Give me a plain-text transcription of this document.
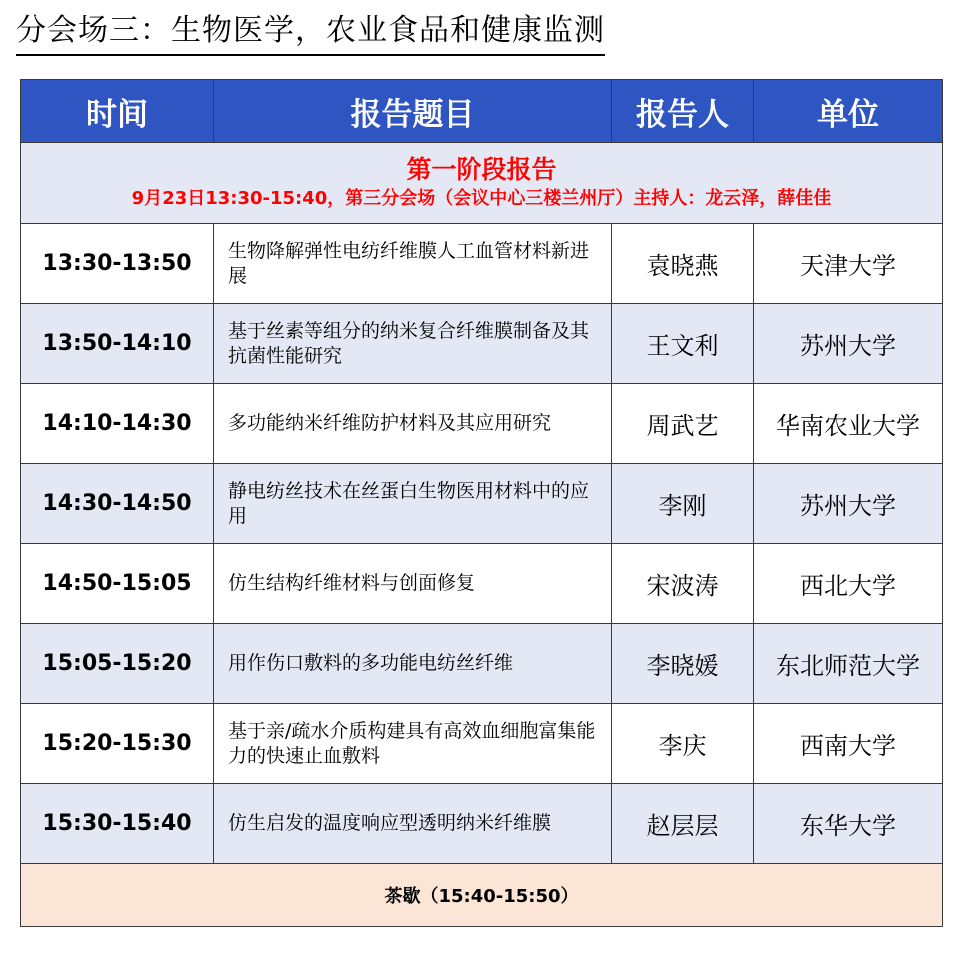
分会场三：生物医学，农业食品和健康监测
时间	报告题目	报告人	单位

第一阶段报告
9月23日13:30-15:40，第三分会场（会议中心三楼兰州厅）主持人：龙云泽，薛佳佳			

13:30-13:50	生物降解弹性电纺纤维膜人工血管材料新进展	袁晓燕	天津大学
13:50-14:10	基于丝素等组分的纳米复合纤维膜制备及其抗菌性能研究	王文利	苏州大学
14:10-14:30	多功能纳米纤维防护材料及其应用研究	周武艺	华南农业大学
14:30-14:50	静电纺丝技术在丝蛋白生物医用材料中的应用	李刚	苏州大学
14:50-15:05	仿生结构纤维材料与创面修复	宋波涛	西北大学
15:05-15:20	用作伤口敷料的多功能电纺丝纤维	李晓媛	东北师范大学
15:20-15:30	基于亲/疏水介质构建具有高效血细胞富集能力的快速止血敷料	李庆	西南大学
15:30-15:40	仿生启发的温度响应型透明纳米纤维膜	赵层层	东华大学
茶歇（15:40-15:50）			
